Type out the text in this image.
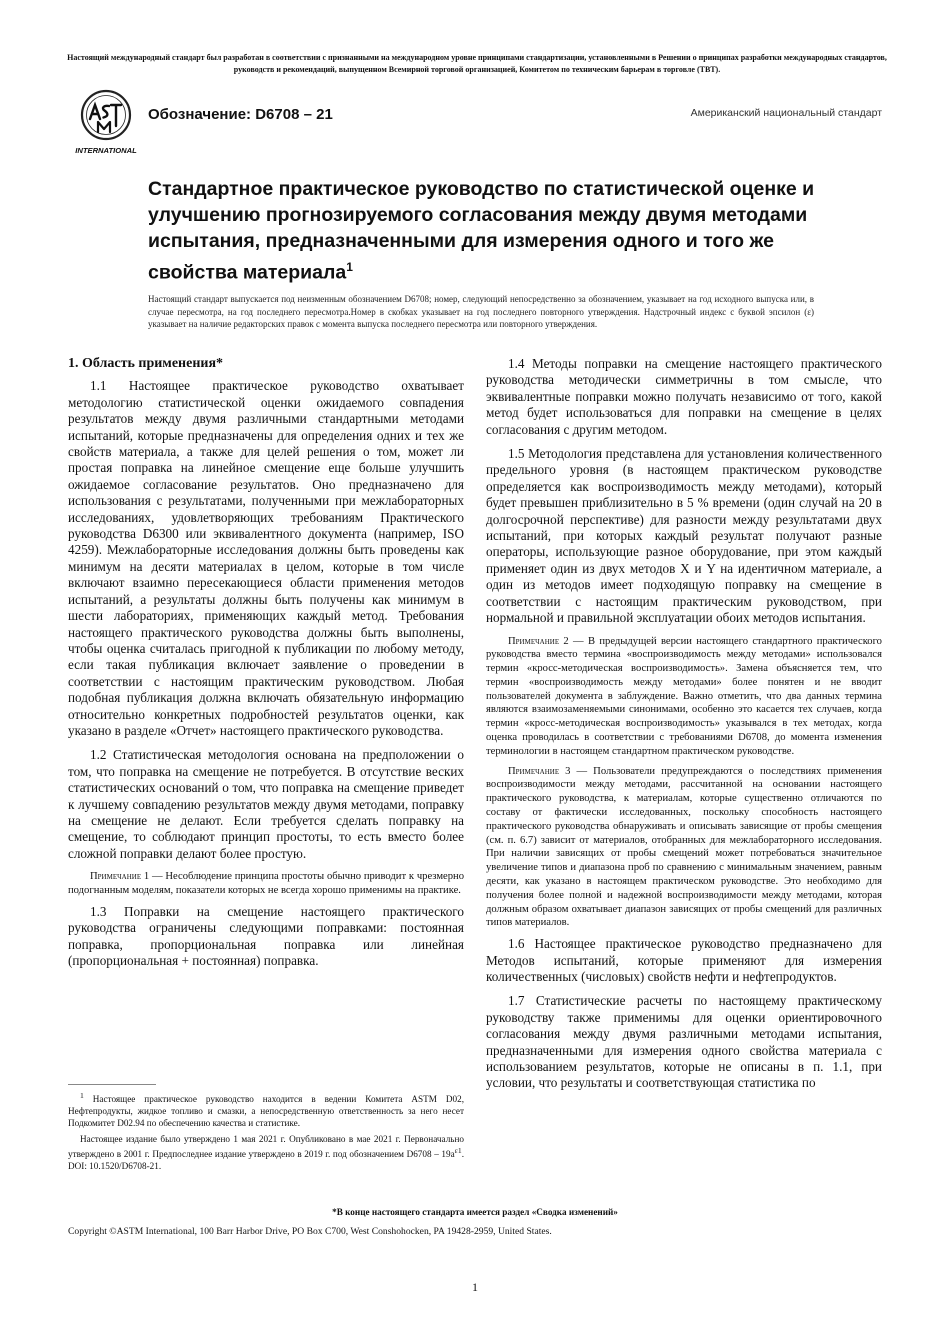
Настоящий международный стандарт был разработан в соответствии с признанными на международном уровне принципами стандартизации, установленными в Решении о принципах разработки международных стандартов, руководств и рекомендаций, выпущенном Всемирной торговой организацией, Комитетом по техническим барьерам в торговле (ТВТ).
INTERNATIONAL
Обозначение: D6708 – 21	Американский национальный стандарт
Стандартное практическое руководство по статистической оценке и улучшению прогнозируемого согласования между двумя методами испытания, предназначенными для измерения одного и того же свойства материала$^1$
Настоящий стандарт выпускается под неизменным обозначением D6708; номер, следующий непосредственно за обозначением, указывает на год исходного выпуска или, в случае пересмотра, на год последнего пересмотра.Номер в скобках указывает на год последнего повторного утверждения. Надстрочный индекс с буквой эпсилон (ε) указывает на наличие редакторских правок с момента выпуска последнего пересмотра или повторного утверждения.
1. Область применения*

1.1 Настоящее практическое руководство охватывает методологию статистической оценки ожидаемого совпадения результатов между двумя различными стандартными методами испытаний, которые предназначены для определения одних и тех же свойств материала, а также для целей решения о том, может ли простая поправка на линейное смещение еще больше улучшить ожидаемое согласование результатов. Оно предназначено для использования с результатами, полученными при межлабораторных исследованиях, удовлетворяющих требованиям Практического руководства D6300 или эквивалентного документа (например, ISO 4259). Межлабораторные исследования должны быть проведены как минимум на десяти материалах в целом, которые в том числе включают взаимно пересекающиеся области применения методов испытаний, а результаты должны быть получены как минимум в шести лабораториях, применяющих каждый метод. Требования настоящего практического руководства должны быть выполнены, чтобы оценка считалась пригодной к публикации по любому методу, если такая публикация включает заявление о проведении в соответствии с настоящим практическим руководством. Любая подобная публикация должна включать обязательную информацию относительно конкретных подробностей результатов оценки, как указано в разделе «Отчет» настоящего практического руководства.

1.2 Статистическая методология основана на предположении о том, что поправка на смещение не потребуется. В отсутствие веских статистических оснований о том, что поправка на смещение приведет к лучшему совпадению результатов между двумя методами, поправку на смещение не делают. Если требуется сделать поправку на смещение, то соблюдают принцип простоты, то есть вместо более сложной поправки делают более простую.

Примечание 1 — Несоблюдение принципа простоты обычно приводит к чрезмерно подогнанным моделям, показатели которых не всегда хорошо применимы на практике.

1.3 Поправки на смещение настоящего практического руководства ограничены следующими поправками: постоянная поправка, пропорциональная поправка или линейная (пропорциональная + постоянная) поправка.

1.4 Методы поправки на смещение настоящего практического руководства методически симметричны в том смысле, что эквивалентные поправки можно получать независимо от того, какой метод будет использоваться для поправки на смещение в целях согласования с другим методом.

1.5 Методология представлена для установления количественного предельного уровня (в настоящем практическом руководстве определяется как воспроизводимость между методами), который будет превышен приблизительно в 5 % времени (один случай на 20 в долгосрочной перспективе) для разности между результатами двух испытаний, при которых каждый результат получают разные операторы, использующие разное оборудование, при этом каждый применяет один из двух методов X и Y на идентичном материале, а один из методов имеет подходящую поправку на смещение в соответствии с настоящим практическим руководством, при нормальной и правильной эксплуатации обоих методов испытания.

Примечание 2 — В предыдущей версии настоящего стандартного практического руководства вместо термина «воспроизводимость между методами» использовался термин «кросс-методическая воспроизводимость». Замена объясняется тем, что термин «воспроизводимость между методами» более понятен и не вводит пользователей документа в заблуждение. Важно отметить, что два данных термина являются взаимозаменяемыми синонимами, особенно это касается тех случаев, когда термин «кросс-методическая воспроизводимость» указывался в тех методах, когда оценка проводилась в соответствии с требованиями D6708, до момента изменения терминологии в настоящем стандартном практическом руководстве.

Примечание 3 — Пользователи предупреждаются о последствиях применения воспроизводимости между методами, рассчитанной на основании настоящего практического руководства, к материалам, которые существенно отличаются по составу от фактически исследованных, поскольку способность настоящего практического руководства обнаруживать и описывать зависящие от пробы смещения (см. п. 6.7) зависит от материалов, отобранных для межлабораторного исследования. При наличии зависящих от пробы смещений может потребоваться значительное увеличение типов и диапазона проб по сравнению с минимальным значением, равным десяти, как указано в настоящем практическом руководстве. Это необходимо для получения более полной и надежной воспроизводимости между методами, которая должным образом охватывает диапазон зависящих от пробы смещений для различных типов материалов.

1.6 Настоящее практическое руководство предназначено для Методов испытаний, которые применяют для измерения количественных (числовых) свойств нефти и нефтепродуктов.

1.7 Статистические расчеты по настоящему практическому руководству также применимы для оценки ориентировочного согласования между двумя различными методами испытания, предназначенными для измерения одного свойства материала с использованием результатов, которые не описаны в п. 1.1, при условии, что результаты и соответствующая статистика по

$^1$ Настоящее практическое руководство находится в ведении Комитета ASTM D02, Нефтепродукты, жидкое топливо и смазки, а непосредственную ответственность за него несет Подкомитет D02.94 по обеспечению качества и статистике.

Настоящее издание было утверждено 1 мая 2021 г. Опубликовано в мае 2021 г. Первоначально утверждено в 2001 г. Предпоследнее издание утверждено в 2019 г. под обозначением $D6708 - 19a^{\varepsilon 1}$. DOI: 10.1520/D6708-21.

*В конце настоящего стандарта имеется раздел «Сводка изменений»
Copyright ©ASTM International, 100 Barr Harbor Drive, PO Box C700, West Conshohocken, PA 19428-2959, United States.
1
